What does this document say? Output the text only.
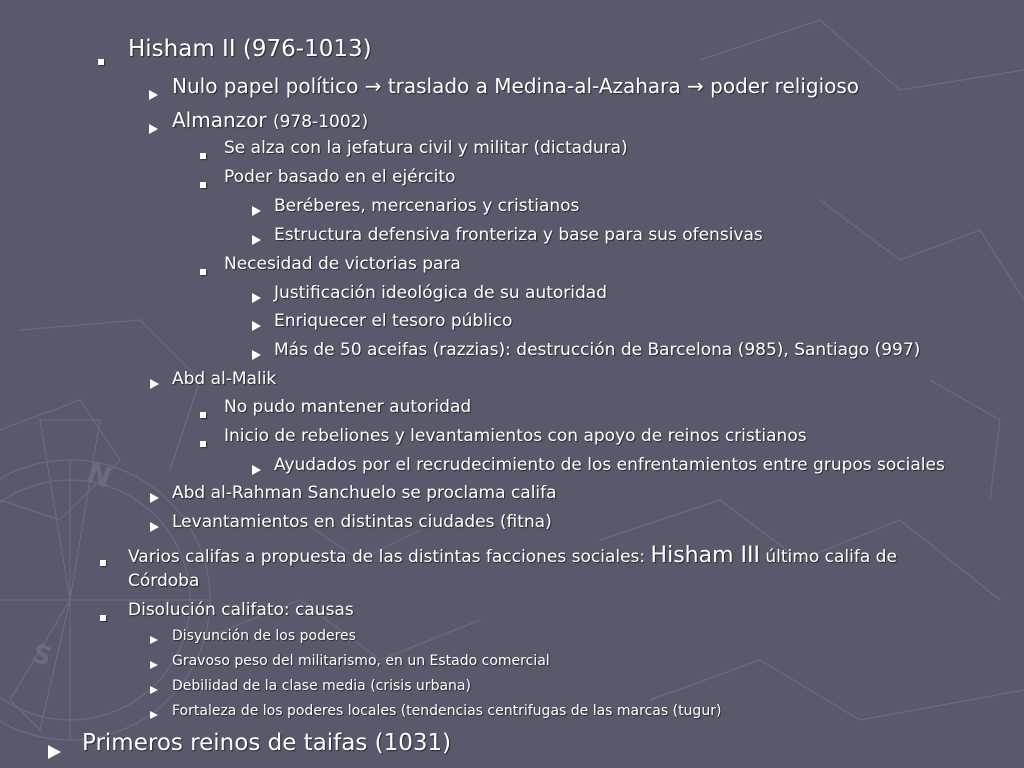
N
S
Hisham II (976-1013)
Nulo papel político → traslado a Medina-al-Azahara → poder religioso
Almanzor (978-1002)
Se alza con la jefatura civil y militar (dictadura)
Poder basado en el ejército
Beréberes, mercenarios y cristianos
Estructura defensiva fronteriza y base para sus ofensivas
Necesidad de victorias para
Justificación ideológica de su autoridad
Enriquecer el tesoro público
Más de 50 aceifas (razzias): destrucción de Barcelona (985), Santiago (997)
Abd al-Malik
No pudo mantener autoridad
Inicio de rebeliones y levantamientos con apoyo de reinos cristianos
Ayudados por el recrudecimiento de los enfrentamientos entre grupos sociales
Abd al-Rahman Sanchuelo se proclama califa
Levantamientos en distintas ciudades (fitna)
Varios califas a propuesta de las distintas facciones sociales: Hisham III último califa de
Córdoba
Disolución califato: causas
Disyunción de los poderes
Gravoso peso del militarismo, en un Estado comercial
Debilidad de la clase media (crisis urbana)
Fortaleza de los poderes locales (tendencias centrifugas de las marcas (tugur)
Primeros reinos de taifas (1031)
